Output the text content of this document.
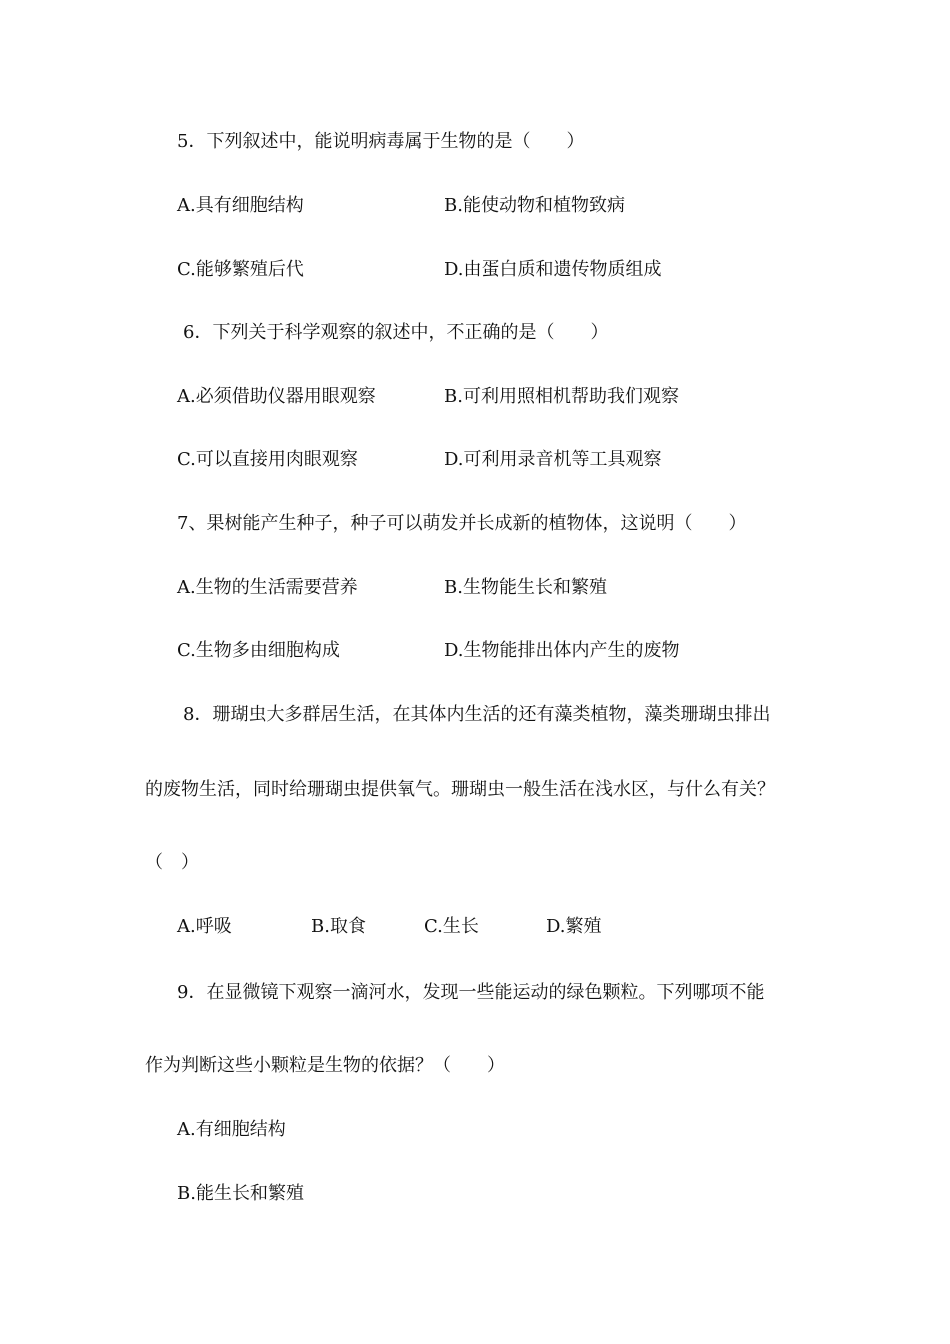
5．下列叙述中，能说明病毒属于生物的是（　　）
A.具有细胞结构	B.能使动物和植物致病
C.能够繁殖后代	D.由蛋白质和遗传物质组成
6．下列关于科学观察的叙述中，不正确的是（　　）
A.必须借助仪器用眼观察	B.可利用照相机帮助我们观察
C.可以直接用肉眼观察	D.可利用录音机等工具观察
7、果树能产生种子，种子可以萌发并长成新的植物体，这说明（　　）
A.生物的生活需要营养	B.生物能生长和繁殖
C.生物多由细胞构成	D.生物能排出体内产生的废物
8．珊瑚虫大多群居生活，在其体内生活的还有藻类植物，藻类珊瑚虫排出
的废物生活，同时给珊瑚虫提供氧气。珊瑚虫一般生活在浅水区，与什么有关？
（　）
A.呼吸	B.取食	C.生长	D.繁殖
9．在显微镜下观察一滴河水，发现一些能运动的绿色颗粒。下列哪项不能
作为判断这些小颗粒是生物的依据？（　　）
A.有细胞结构
B.能生长和繁殖
